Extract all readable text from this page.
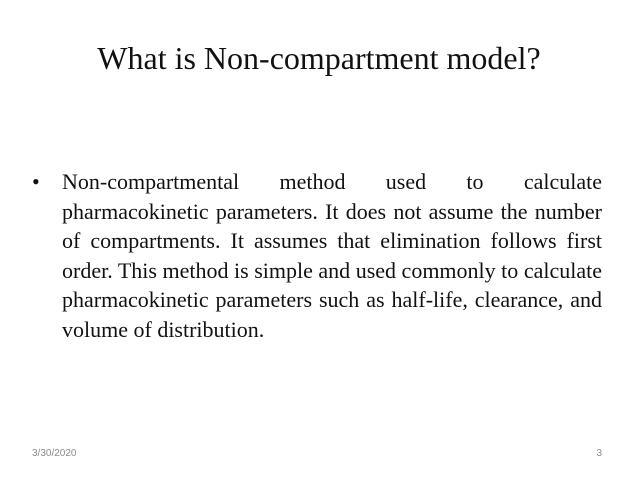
What is Non-compartment model?
• Non-compartmental method used to calculate pharmacokinetic parameters. It does not assume the number of compartments. It assumes that elimination follows first order. This method is simple and used commonly to calculate pharmacokinetic parameters such as half-life, clearance, and volume of distribution.

3/30/2020	3
